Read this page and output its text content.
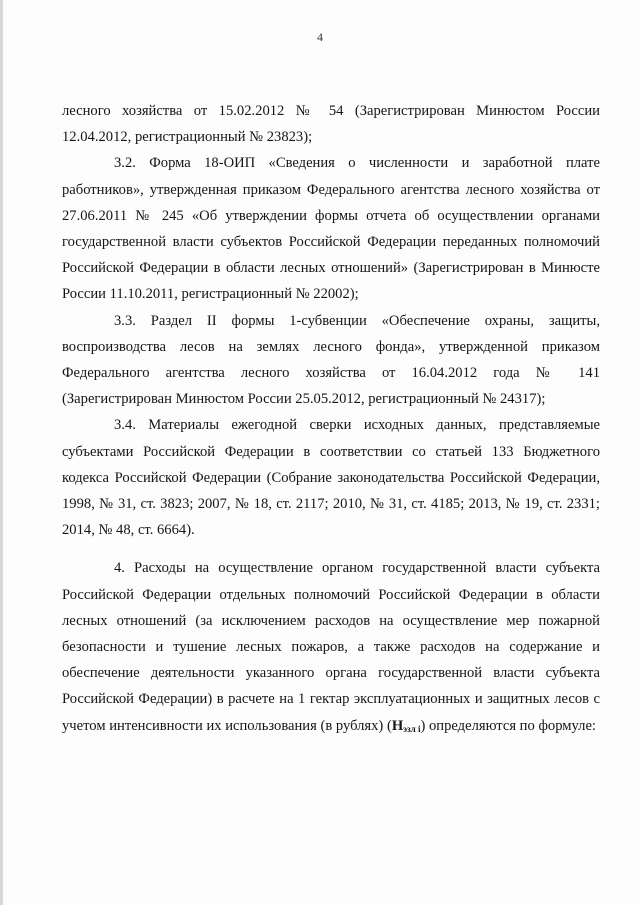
4

лесного хозяйства от 15.02.2012 № 54 (Зарегистрирован Минюстом России 12.04.2012, регистрационный № 23823);

3.2. Форма 18-ОИП «Сведения о численности и заработной плате работников», утвержденная приказом Федерального агентства лесного хозяйства от 27.06.2011 № 245 «Об утверждении формы отчета об осуществлении органами государственной власти субъектов Российской Федерации переданных полномочий Российской Федерации в области лесных отношений» (Зарегистрирован в Минюсте России 11.10.2011, регистрационный № 22002);

3.3. Раздел II формы 1-субвенции «Обеспечение охраны, защиты, воспроизводства лесов на землях лесного фонда», утвержденной приказом Федерального агентства лесного хозяйства от 16.04.2012 года № 141 (Зарегистрирован Минюстом России 25.05.2012, регистрационный № 24317);

3.4. Материалы ежегодной сверки исходных данных, представляемые субъектами Российской Федерации в соответствии со статьей 133 Бюджетного кодекса Российской Федерации (Собрание законодательства Российской Федерации, 1998, № 31, ст. 3823; 2007, № 18, ст. 2117; 2010, № 31, ст. 4185; 2013, № 19, ст. 2331; 2014, № 48, ст. 6664).

4. Расходы на осуществление органом государственной власти субъекта Российской Федерации отдельных полномочий Российской Федерации в области лесных отношений (за исключением расходов на осуществление мер пожарной безопасности и тушение лесных пожаров, а также расходов на содержание и обеспечение деятельности указанного органа государственной власти субъекта Российской Федерации) в расчете на 1 гектар эксплуатационных и защитных лесов с учетом интенсивности их использования (в рублях) $(Н_{эзл i})$ определяются по формуле:
